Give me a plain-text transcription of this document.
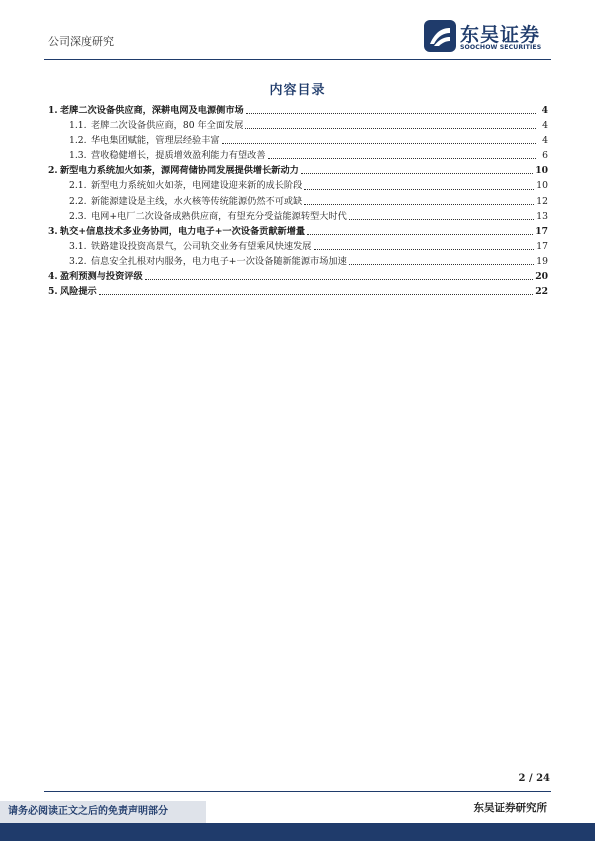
公司深度研究	东吴证券
SOOCHOW SECURITIES
内容目录
1. 老牌二次设备供应商，深耕电网及电源侧市场	4
1.1. 老牌二次设备供应商，80 年全面发展	4
1.2. 华电集团赋能，管理层经验丰富	4
1.3. 营收稳健增长，提质增效盈利能力有望改善	6
2. 新型电力系统加火如荼，源网荷储协同发展提供增长新动力	10
2.1. 新型电力系统如火如荼，电网建设迎来新的成长阶段	10
2.2. 新能源建设是主线，水火核等传统能源仍然不可或缺	12
2.3. 电网+电厂二次设备成熟供应商，有望充分受益能源转型大时代	13
3. 轨交+信息技术多业务协同，电力电子+一次设备贡献新增量	17
3.1. 铁路建设投资高景气，公司轨交业务有望乘风快速发展	17
3.2. 信息安全扎根对内服务，电力电子+一次设备随新能源市场加速	19
4. 盈利预测与投资评级	20
5. 风险提示	22
2 / 24
请务必阅读正文之后的免责声明部分	东吴证券研究所
